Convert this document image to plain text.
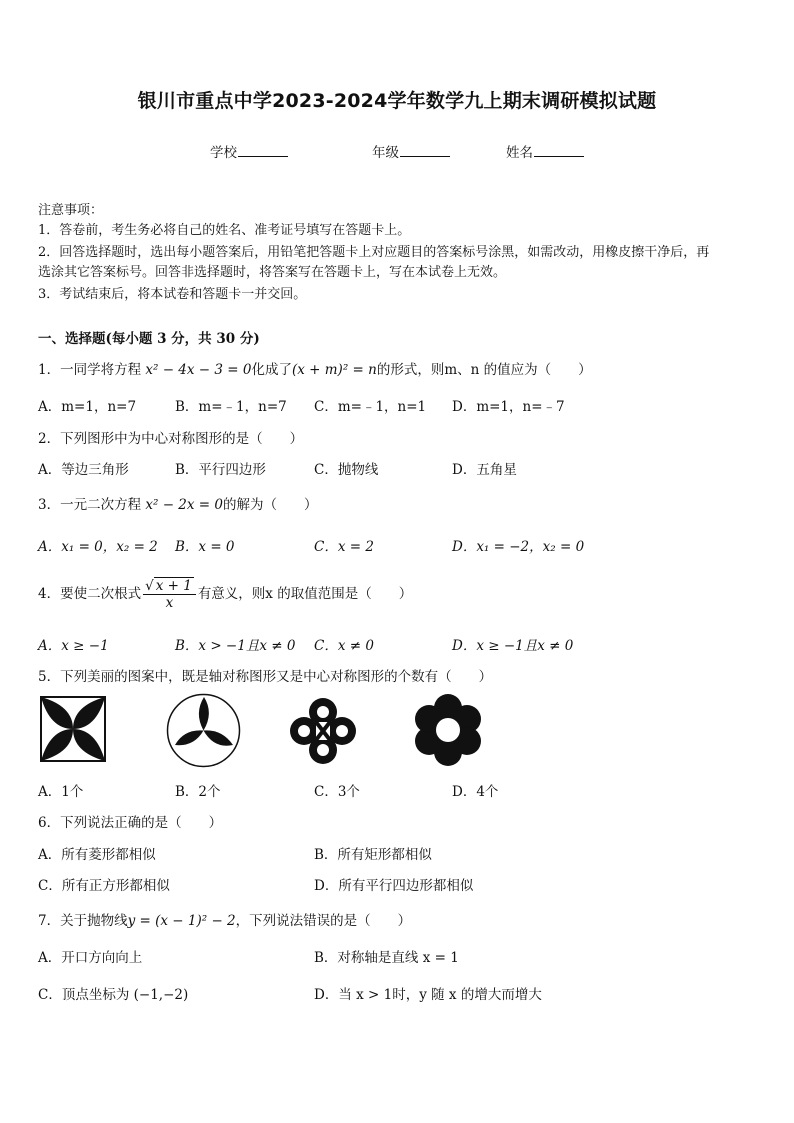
银川市重点中学2023-2024学年数学九上期末调研模拟试题
学校	年级	姓名
注意事项：
1．答卷前，考生务必将自己的姓名、准考证号填写在答题卡上。
2．回答选择题时，选出每小题答案后，用铅笔把答题卡上对应题目的答案标号涂黑，如需改动，用橡皮擦干净后，再
选涂其它答案标号。回答非选择题时，将答案写在答题卡上，写在本试卷上无效。
3．考试结束后，将本试卷和答题卡一并交回。
一、选择题(每小题 3 分，共 30 分)
1．一同学将方程 x² − 4x − 3 = 0化成了(x + m)² = n的形式，则m、n 的值应为（　　）
A．m=1，n=7	B．m=﹣1，n=7 C．m=﹣1，n=1 D．m=1，n=﹣7
2．下列图形中为中心对称图形的是（　　）
A．等边三角形	B．平行四边形	C．抛物线	D．五角星
3．一元二次方程 x² − 2x = 0的解为（　　）
A．x₁ = 0，x₂ = 2 B．x = 0	C．x = 2	D．x₁ = −2，x₂ = 0
4．要使二次根式 $\frac{√ x + 1}{x}$ 有意义，则x 的取值范围是（　　）
A．x ≥ −1	B．x > −1且x ≠ 0 C．x ≠ 0	D．x ≥ −1且x ≠ 0
5．下列美丽的图案中，既是轴对称图形又是中心对称图形的个数有（　　）
A．1个	B．2个	C．3个	D．4个
6．下列说法正确的是（　　）
A．所有菱形都相似	B．所有矩形都相似
C．所有正方形都相似	D．所有平行四边形都相似
7．关于抛物线y = (x − 1)² − 2，下列说法错误的是（　　）
A．开口方向向上	B．对称轴是直线 x = 1
C．顶点坐标为 (−1,−2)	D．当 x > 1时，y 随 x 的增大而增大
